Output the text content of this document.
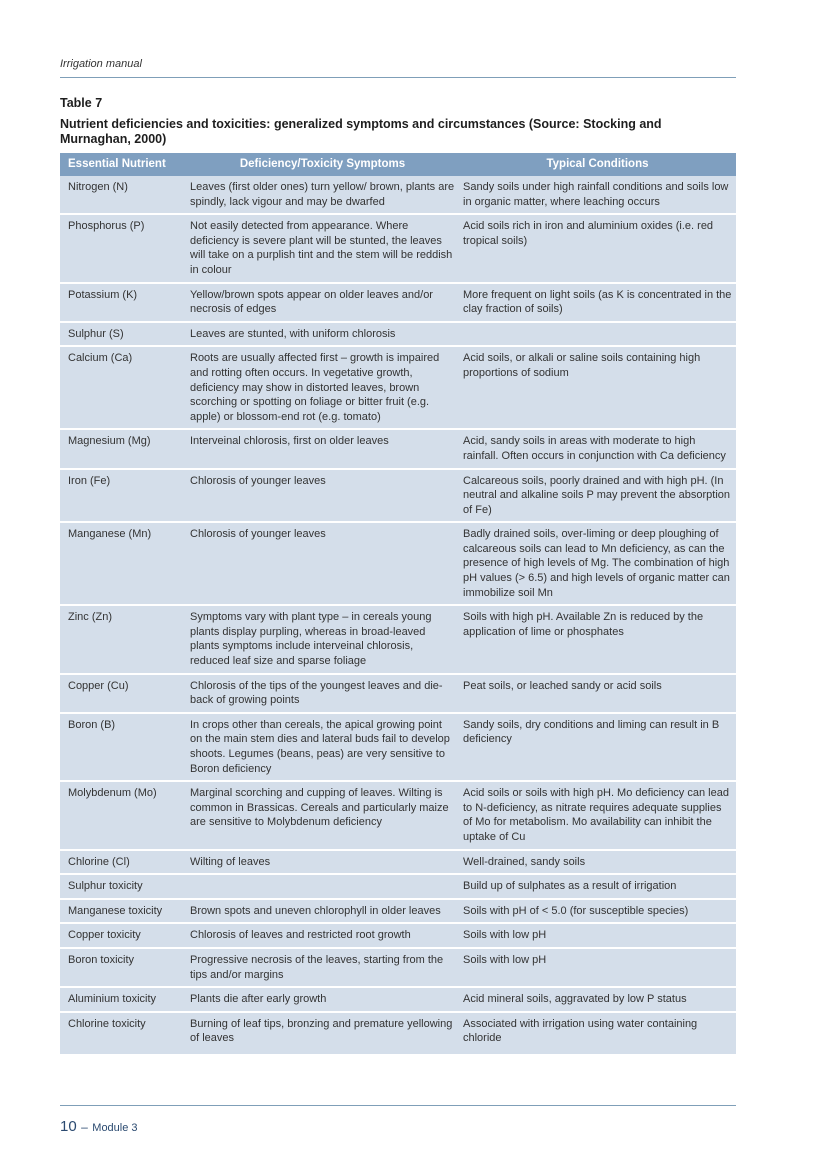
Irrigation manual
Table 7
Nutrient deficiencies and toxicities: generalized symptoms and circumstances (Source: Stocking and Murnaghan, 2000)
Essential Nutrient	Deficiency/Toxicity Symptoms	Typical Conditions
Nitrogen (N)	Leaves (first older ones) turn yellow/ brown, plants are spindly, lack vigour and may be dwarfed	Sandy soils under high rainfall conditions and soils low in organic matter, where leaching occurs
Phosphorus (P)	Not easily detected from appearance. Where deficiency is severe plant will be stunted, the leaves will take on a purplish tint and the stem will be reddish in colour	Acid soils rich in iron and aluminium oxides (i.e. red tropical soils)
Potassium (K)	Yellow/brown spots appear on older leaves and/or necrosis of edges	More frequent on light soils (as K is concentrated in the clay fraction of soils)
Sulphur (S)	Leaves are stunted, with uniform chlorosis	
Calcium (Ca)	Roots are usually affected first – growth is impaired and rotting often occurs. In vegetative growth, deficiency may show in distorted leaves, brown scorching or spotting on foliage or bitter fruit (e.g. apple) or blossom-end rot (e.g. tomato)	Acid soils, or alkali or saline soils containing high proportions of sodium
Magnesium (Mg)	Interveinal chlorosis, first on older leaves	Acid, sandy soils in areas with moderate to high rainfall. Often occurs in conjunction with Ca deficiency
Iron (Fe)	Chlorosis of younger leaves	Calcareous soils, poorly drained and with high pH. (In neutral and alkaline soils P may prevent the absorption of Fe)
Manganese (Mn)	Chlorosis of younger leaves	Badly drained soils, over-liming or deep ploughing of calcareous soils can lead to Mn deficiency, as can the presence of high levels of Mg. The combination of high pH values (> 6.5) and high levels of organic matter can immobilize soil Mn
Zinc (Zn)	Symptoms vary with plant type – in cereals young plants display purpling, whereas in broad-leaved plants symptoms include interveinal chlorosis, reduced leaf size and sparse foliage	Soils with high pH. Available Zn is reduced by the application of lime or phosphates
Copper (Cu)	Chlorosis of the tips of the youngest leaves and die-back of growing points	Peat soils, or leached sandy or acid soils
Boron (B)	In crops other than cereals, the apical growing point on the main stem dies and lateral buds fail to develop shoots. Legumes (beans, peas) are very sensitive to Boron deficiency	Sandy soils, dry conditions and liming can result in B deficiency
Molybdenum (Mo)	Marginal scorching and cupping of leaves. Wilting is common in Brassicas. Cereals and particularly maize are sensitive to Molybdenum deficiency	Acid soils or soils with high pH. Mo deficiency can lead to N-deficiency, as nitrate requires adequate supplies of Mo for metabolism. Mo availability can inhibit the uptake of Cu
Chlorine (Cl)	Wilting of leaves	Well-drained, sandy soils
Sulphur toxicity		Build up of sulphates as a result of irrigation
Manganese toxicity	Brown spots and uneven chlorophyll in older leaves	Soils with pH of < 5.0 (for susceptible species)
Copper toxicity	Chlorosis of leaves and restricted root growth	Soils with low pH
Boron toxicity	Progressive necrosis of the leaves, starting from the tips and/or margins	Soils with low pH
Aluminium toxicity	Plants die after early growth	Acid mineral soils, aggravated by low P status
Chlorine toxicity	Burning of leaf tips, bronzing and premature yellowing of leaves	Associated with irrigation using water containing chloride
10 – Module 3
